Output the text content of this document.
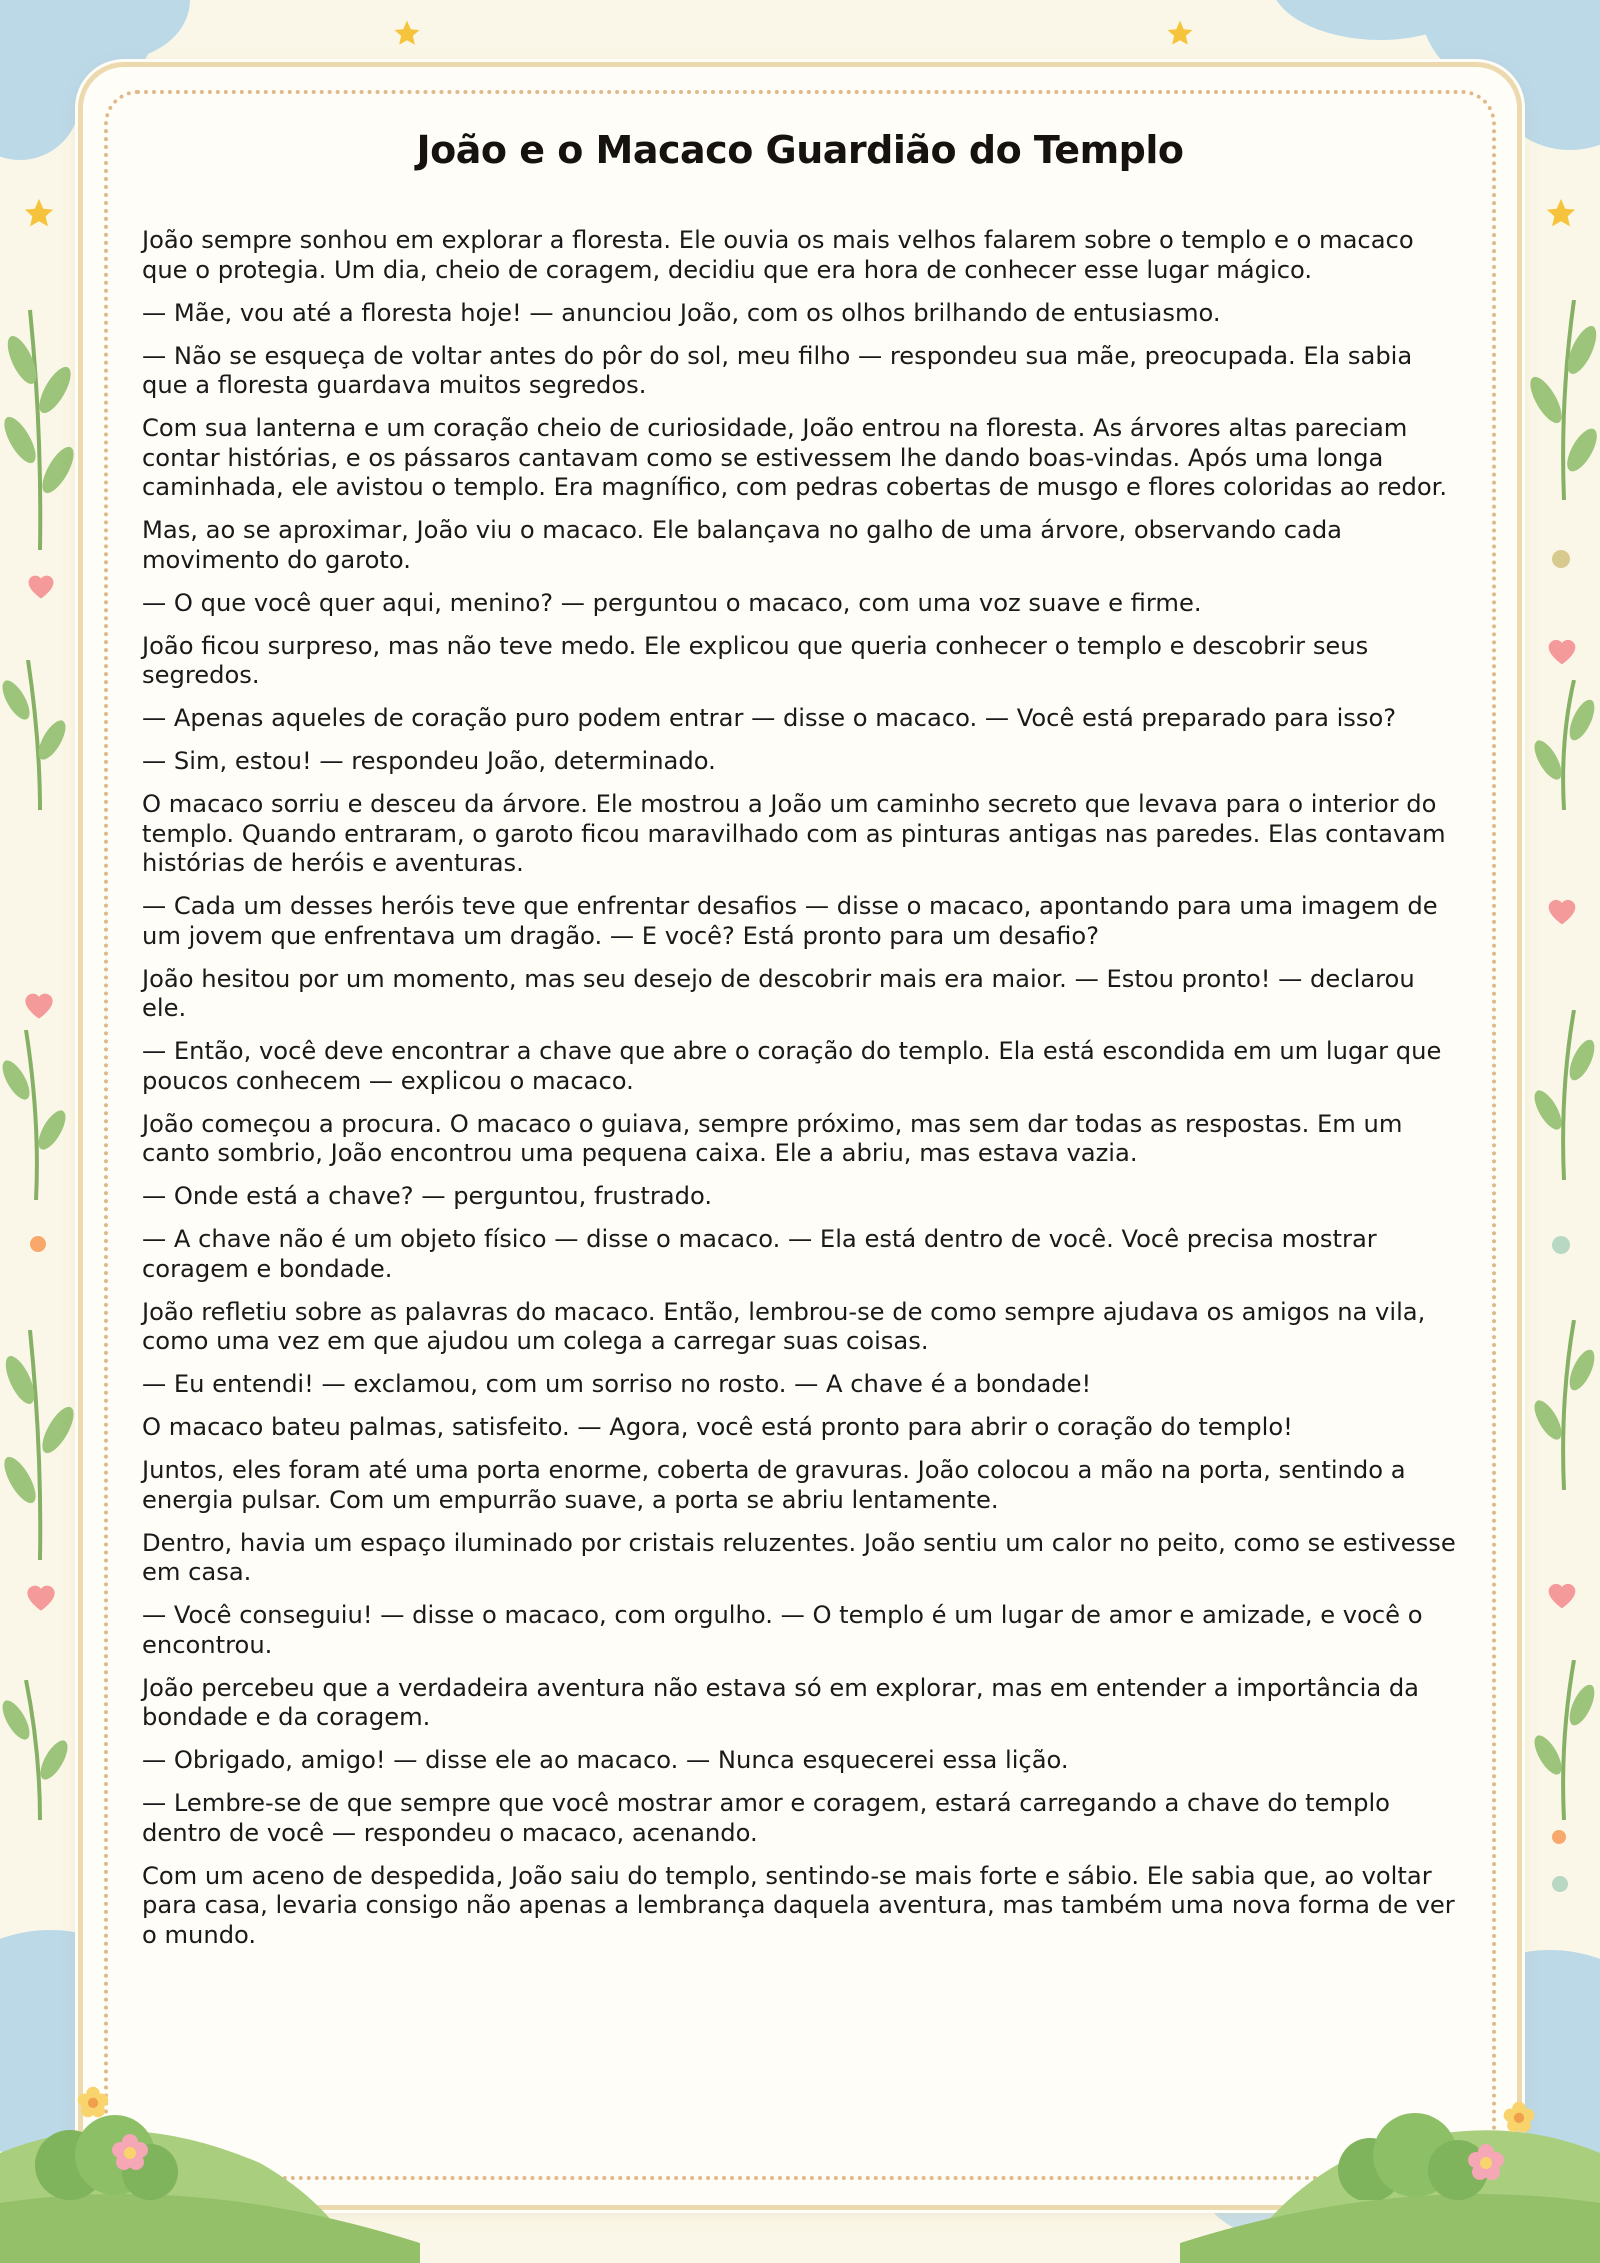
João e o Macaco Guardião do Templo

João sempre sonhou em explorar a floresta. Ele ouvia os mais velhos falarem sobre o templo e o macaco que o protegia. Um dia, cheio de coragem, decidiu que era hora de conhecer esse lugar mágico.

— Mãe, vou até a floresta hoje! — anunciou João, com os olhos brilhando de entusiasmo.

— Não se esqueça de voltar antes do pôr do sol, meu filho — respondeu sua mãe, preocupada. Ela sabia que a floresta guardava muitos segredos.

Com sua lanterna e um coração cheio de curiosidade, João entrou na floresta. As árvores altas pareciam contar histórias, e os pássaros cantavam como se estivessem lhe dando boas-vindas. Após uma longa caminhada, ele avistou o templo. Era magnífico, com pedras cobertas de musgo e flores coloridas ao redor.

Mas, ao se aproximar, João viu o macaco. Ele balançava no galho de uma árvore, observando cada movimento do garoto.

— O que você quer aqui, menino? — perguntou o macaco, com uma voz suave e firme.

João ficou surpreso, mas não teve medo. Ele explicou que queria conhecer o templo e descobrir seus segredos.

— Apenas aqueles de coração puro podem entrar — disse o macaco. — Você está preparado para isso?

— Sim, estou! — respondeu João, determinado.

O macaco sorriu e desceu da árvore. Ele mostrou a João um caminho secreto que levava para o interior do templo. Quando entraram, o garoto ficou maravilhado com as pinturas antigas nas paredes. Elas contavam histórias de heróis e aventuras.

— Cada um desses heróis teve que enfrentar desafios — disse o macaco, apontando para uma imagem de um jovem que enfrentava um dragão. — E você? Está pronto para um desafio?

João hesitou por um momento, mas seu desejo de descobrir mais era maior. — Estou pronto! — declarou ele.

— Então, você deve encontrar a chave que abre o coração do templo. Ela está escondida em um lugar que poucos conhecem — explicou o macaco.

João começou a procura. O macaco o guiava, sempre próximo, mas sem dar todas as respostas. Em um canto sombrio, João encontrou uma pequena caixa. Ele a abriu, mas estava vazia.

— Onde está a chave? — perguntou, frustrado.

— A chave não é um objeto físico — disse o macaco. — Ela está dentro de você. Você precisa mostrar coragem e bondade.

João refletiu sobre as palavras do macaco. Então, lembrou-se de como sempre ajudava os amigos na vila, como uma vez em que ajudou um colega a carregar suas coisas.

— Eu entendi! — exclamou, com um sorriso no rosto. — A chave é a bondade!

O macaco bateu palmas, satisfeito. — Agora, você está pronto para abrir o coração do templo!

Juntos, eles foram até uma porta enorme, coberta de gravuras. João colocou a mão na porta, sentindo a energia pulsar. Com um empurrão suave, a porta se abriu lentamente.

Dentro, havia um espaço iluminado por cristais reluzentes. João sentiu um calor no peito, como se estivesse em casa.

— Você conseguiu! — disse o macaco, com orgulho. — O templo é um lugar de amor e amizade, e você o encontrou.

João percebeu que a verdadeira aventura não estava só em explorar, mas em entender a importância da bondade e da coragem.

— Obrigado, amigo! — disse ele ao macaco. — Nunca esquecerei essa lição.

— Lembre-se de que sempre que você mostrar amor e coragem, estará carregando a chave do templo dentro de você — respondeu o macaco, acenando.

Com um aceno de despedida, João saiu do templo, sentindo-se mais forte e sábio. Ele sabia que, ao voltar para casa, levaria consigo não apenas a lembrança daquela aventura, mas também uma nova forma de ver o mundo.
